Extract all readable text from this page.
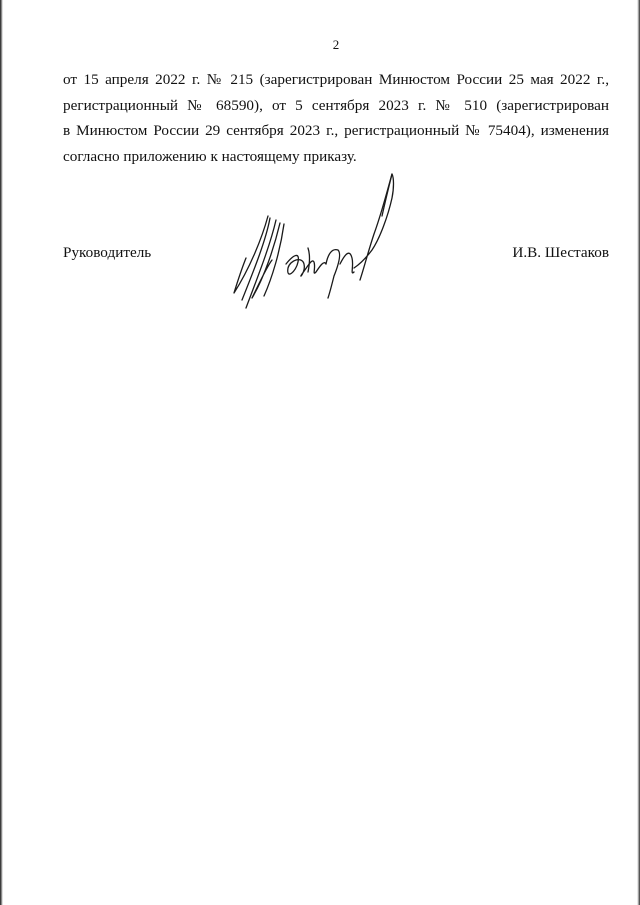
2
от 15 апреля 2022 г. № 215 (зарегистрирован Минюстом России 25 мая 2022 г.,
регистрационный № 68590), от 5 сентября 2023 г. № 510 (зарегистрирован
в Минюстом России 29 сентября 2023 г., регистрационный № 75404), изменения
согласно приложению к настоящему приказу.
Руководитель	И.В. Шестаков
